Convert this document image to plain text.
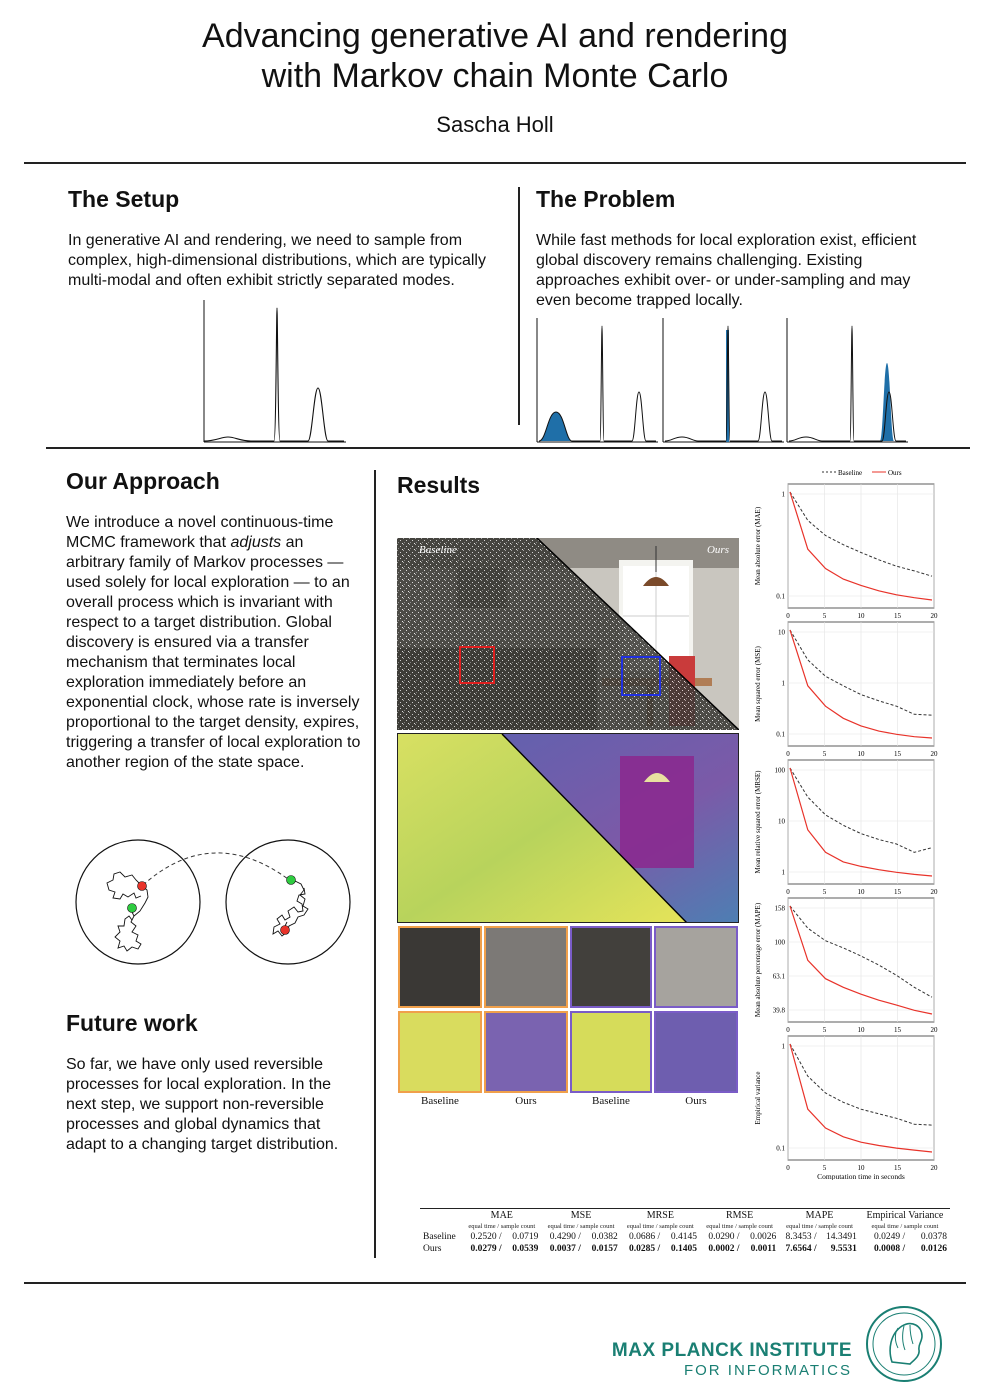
Advancing generative AI and rendering
with Markov chain Monte Carlo
Sascha Holl
The Setup

In generative AI and rendering, we need to sample from complex, high-dimensional distributions, which are typically multi-modal and often exhibit strictly separated modes.

The Problem

While fast methods for local exploration exist, efficient global discovery remains challenging. Existing approaches exhibit over- or under-sampling and may even become trapped locally.

Our Approach

We introduce a novel continuous-time MCMC framework that adjusts an arbitrary family of Markov processes — used solely for local exploration — to an overall process which is invariant with respect to a target distribution. Global discovery is ensured via a transfer mechanism that terminates local exploration immediately before an exponential clock, whose rate is inversely proportional to the target density, expires, triggering a transfer of local exploration to another region of the state space.

Future work

So far, we have only used reversible processes for local exploration. In the next step, we support non-reversible processes and global dynamics that adapt to a changing target distribution.

Results
Baseline	Ours
Baseline	Ours	Baseline	Ours
Baseline	Ours
0	5	10	15	20
1
0.1
Mean absolute error (MAE)
0	5	10	15	20
10
1
0.1
Mean squared error (MSE)
0	5	10	15	20
100
10
1
Mean relative squared error (MRSE)
0	5	10	15	20
158
100
63.1
39.8
Mean absolute percentage error (MAPE)
0	5	10	15	20
1
0.1
Empirical variance
Computation time in seconds
	MAE		MSE		MRSE		RMSE		MAPE		Empirical Variance	
	equal time / sample count		equal time / sample count		equal time / sample count		equal time / sample count		equal time / sample count		equal time / sample count	
Baseline	0.2520 /	0.0719	0.4290 /	0.0382	0.0686 /	0.4145	0.0290 /	0.0026	8.3453 /	14.3491	0.0249 /	0.0378
Ours	0.0279 /	0.0539	0.0037 /	0.0157	0.0285 /	0.1405	0.0002 /	0.0011	7.6564 /	9.5531	0.0008 /	0.0126
MAX PLANCK INSTITUTE
FOR INFORMATICS
